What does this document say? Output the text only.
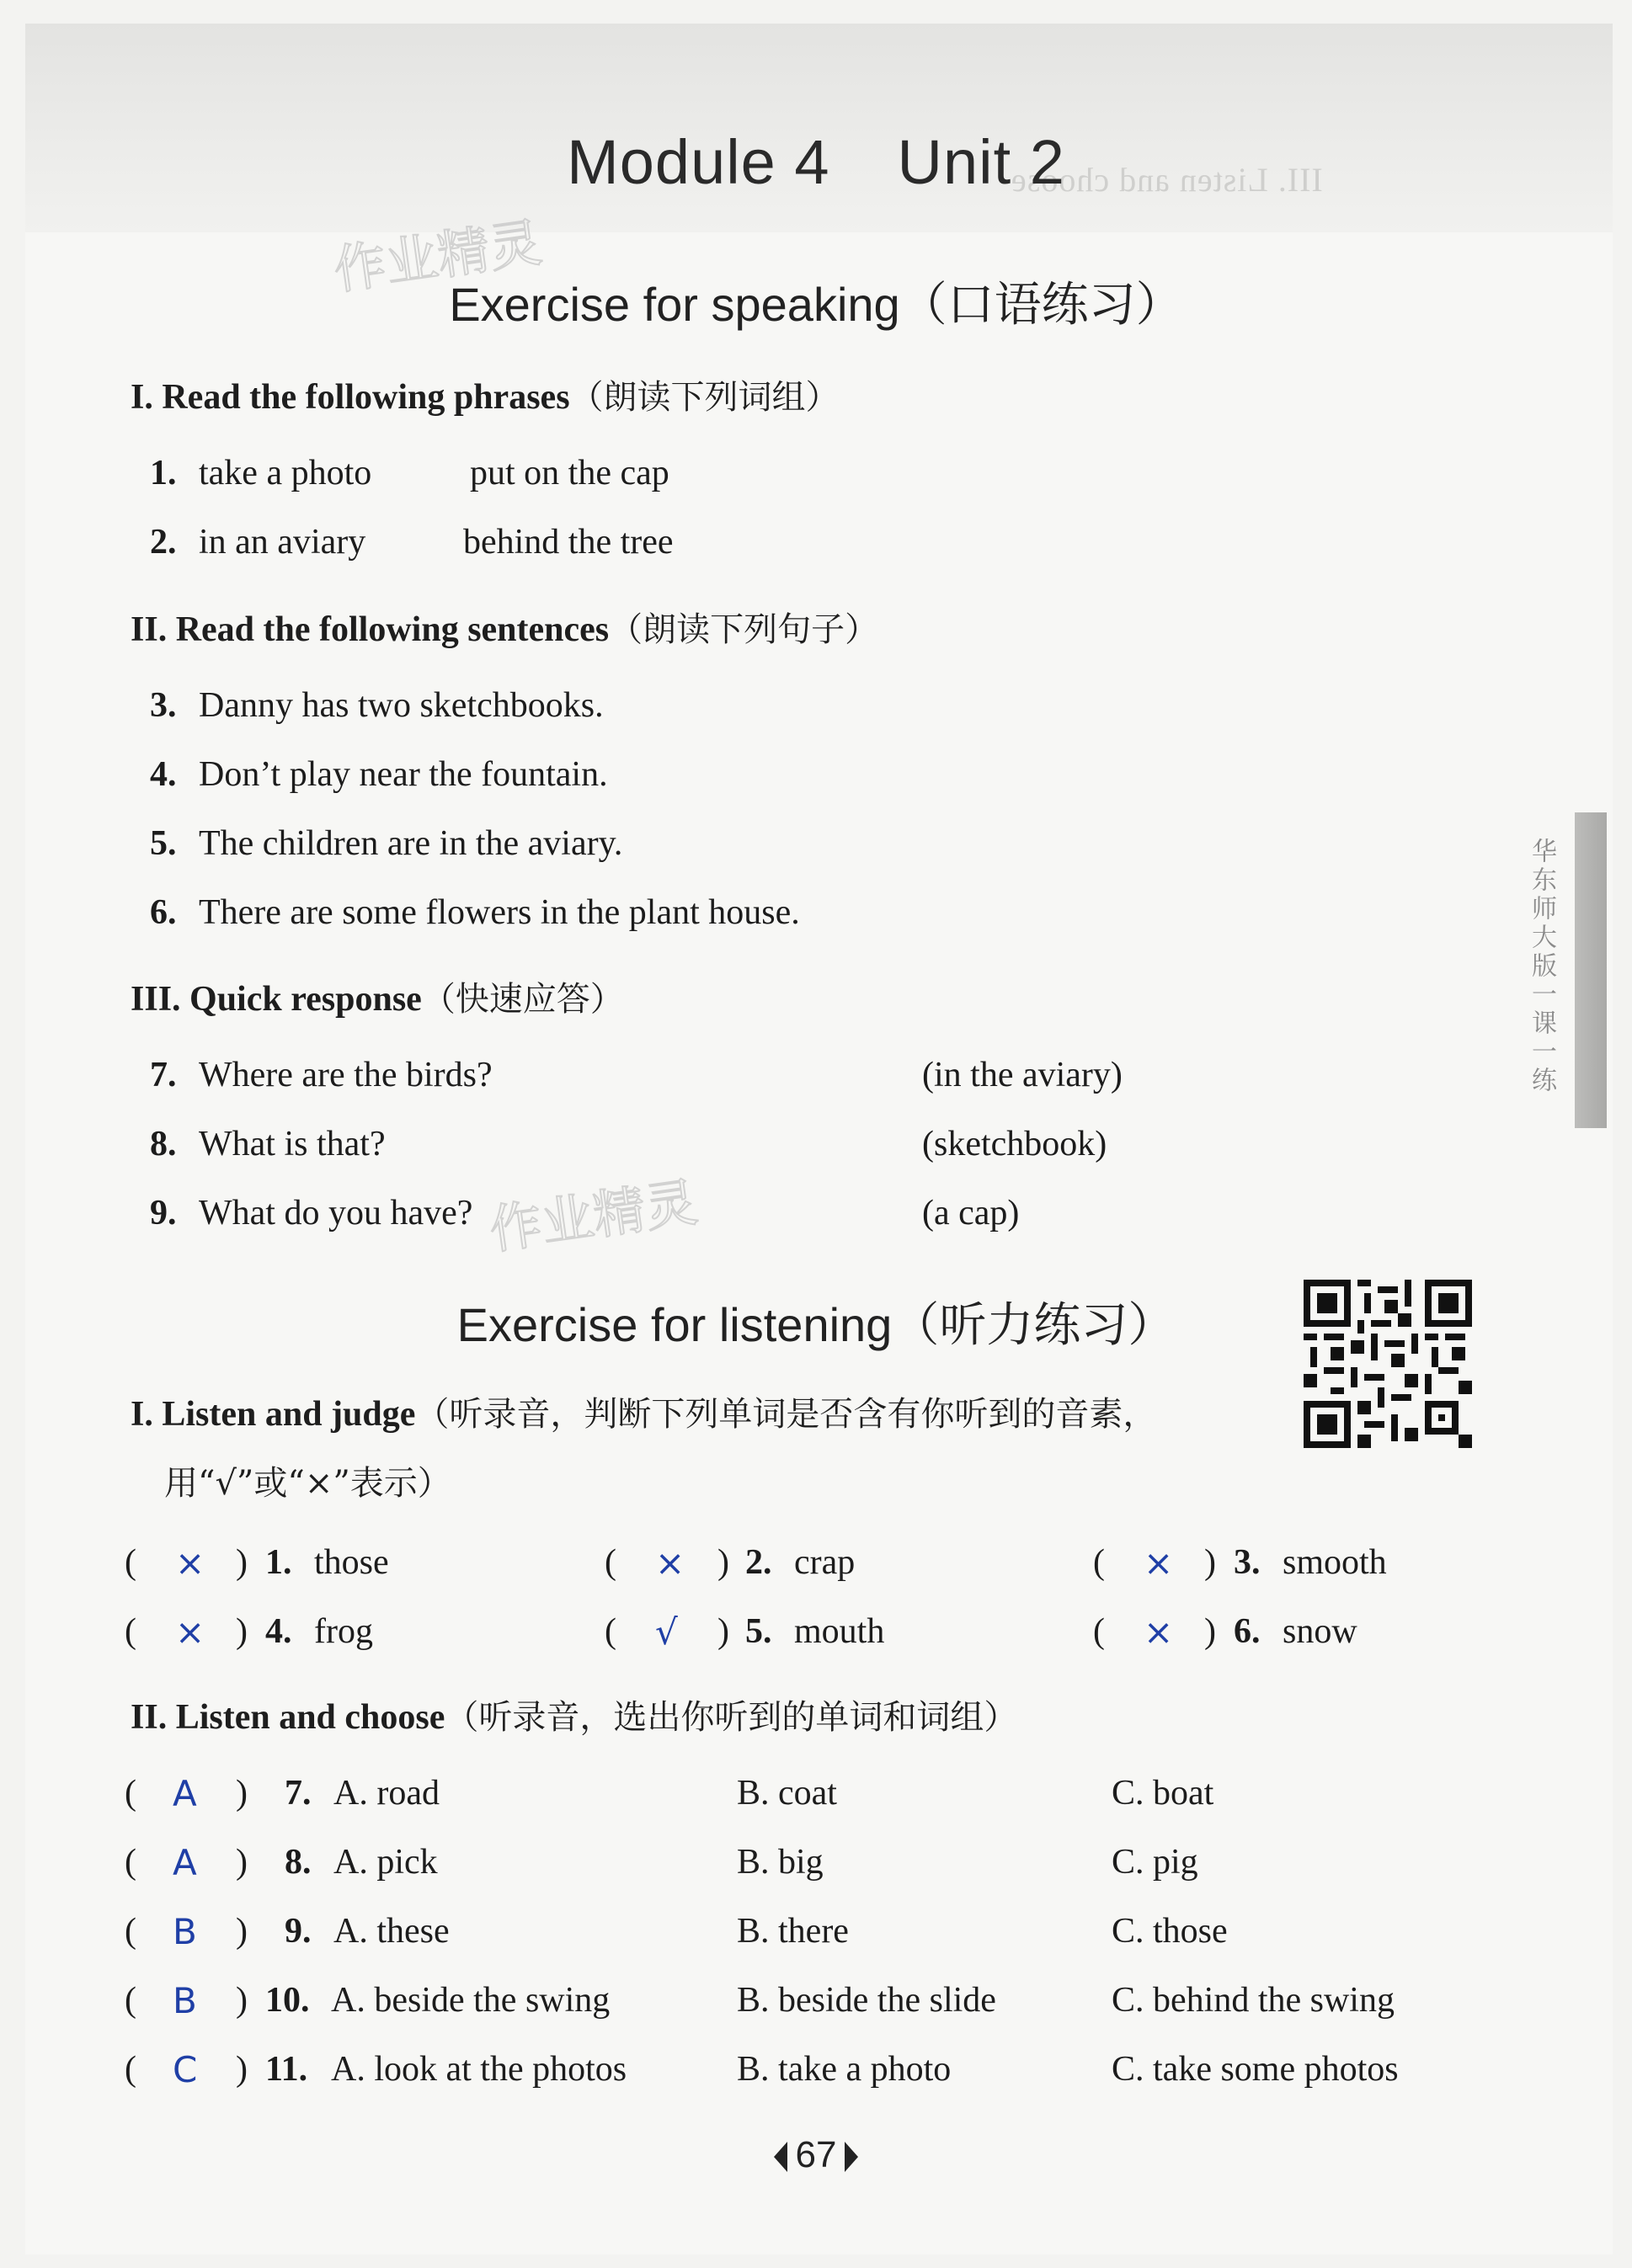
III. Listen and choose
Module 4 Unit 2
作业精灵
作业精灵
Exercise for speaking（口语练习）
I. Read the following phrases（朗读下列词组）
1. take a photo	put on the cap
2. in an aviary	behind the tree
II. Read the following sentences（朗读下列句子）
3. Danny has two sketchbooks.
4. Don’t play near the fountain.
5. The children are in the aviary.
6. There are some flowers in the plant house.
III. Quick response（快速应答）
7. Where are the birds?	(in the aviary)
8. What is that?	(sketchbook)
9. What do you have?	(a cap)
Exercise for listening（听力练习）
I. Listen and judge（听录音，判断下列单词是否含有你听到的音素，
用“√”或“×”表示）
( × ) 1. those	( × ) 2. crap	( × ) 3. smooth
( × ) 4. frog	( √ ) 5. mouth	( × ) 6. snow
II. Listen and choose（听录音，选出你听到的单词和词组）
( A ) 7. A. road	B. coat	C. boat
( A ) 8. A. pick	B. big	C. pig
( B ) 9. A. these	B. there	C. those
( B ) 10. A. beside the swing	B. beside the slide	C. behind the swing
( C ) 11. A. look at the photos	B. take a photo	C. take some photos
华东师大版一课一练
67
